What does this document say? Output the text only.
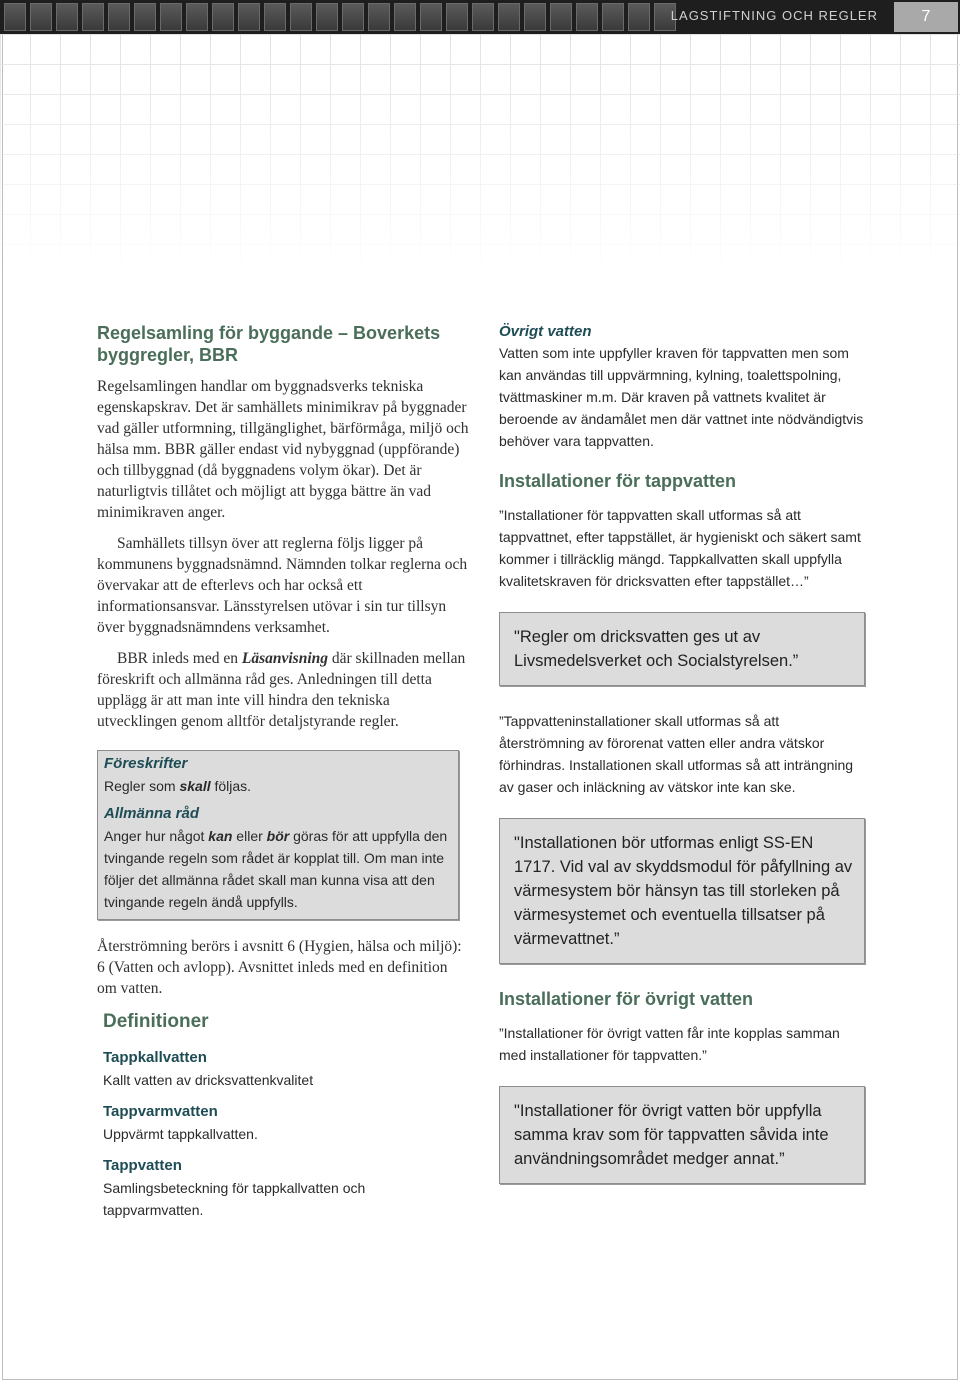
LAGSTIFTNING OCH REGLER	7
Regelsamling för byggande – Boverkets byggregler, BBR

Regelsamlingen handlar om byggnadsverks tekniska egenskapskrav. Det är samhällets minimikrav på byggnader vad gäller utformning, tillgänglighet, bärförmåga, miljö och hälsa mm. BBR gäller endast vid nybyggnad (uppförande) och tillbyggnad (då byggnadens volym ökar). Det är naturligtvis tillåtet och möjligt att bygga bättre än vad minimikraven anger.

Samhällets tillsyn över att reglerna följs ligger på kommunens byggnadsnämnd. Nämnden tolkar reglerna och övervakar att de efterlevs och har också ett informationsansvar. Länsstyrelsen utövar i sin tur tillsyn över byggnadsnämndens verksamhet.

BBR inleds med en Läsanvisning där skillnaden mellan föreskrift och allmänna råd ges. Anledningen till detta upplägg är att man inte vill hindra den tekniska utvecklingen genom alltför detaljstyrande regler.

Föreskrifter
Regler som skall följas.
Allmänna råd
Anger hur något kan eller bör göras för att uppfylla den tvingande regeln som rådet är kopplat till. Om man inte följer det allmänna rådet skall man kunna visa att den tvingande regeln ändå uppfylls.

Återströmning berörs i avsnitt 6 (Hygien, hälsa och miljö): 6 (Vatten och avlopp). Avsnittet inleds med en definition om vatten.

Definitioner
Tappkallvatten
Kallt vatten av dricksvattenkvalitet
Tappvarmvatten
Uppvärmt tappkallvatten.
Tappvatten
Samlingsbeteckning för tappkallvatten och tappvarmvatten.
Övrigt vatten
Vatten som inte uppfyller kraven för tappvatten men som kan användas till uppvärmning, kylning, toalettspolning, tvättmaskiner m.m. Där kraven på vattnets kvalitet är beroende av ändamålet men där vattnet inte nödvändigtvis behöver vara tappvatten.
Installationer för tappvatten
”Installationer för tappvatten skall utformas så att tappvattnet, efter tappstället, är hygieniskt och säkert samt kommer i tillräcklig mängd. Tappkallvatten skall uppfylla kvalitetskraven för dricksvatten efter tappstället…”
"Regler om dricksvatten ges ut av Livsmedelsverket och Socialstyrelsen.”
”Tappvatteninstallationer skall utformas så att återströmning av förorenat vatten eller andra vätskor förhindras. Installationen skall utformas så att inträngning av gaser och inläckning av vätskor inte kan ske.
"Installationen bör utformas enligt SS-EN 1717. Vid val av skyddsmodul för påfyllning av värmesystem bör hänsyn tas till storleken på värmesystemet och eventuella tillsatser på värmevattnet.”
Installationer för övrigt vatten
”Installationer för övrigt vatten får inte kopplas samman med installationer för tappvatten.”
"Installationer för övrigt vatten bör uppfylla samma krav som för tappvatten såvida inte användningsområdet medger annat.”
